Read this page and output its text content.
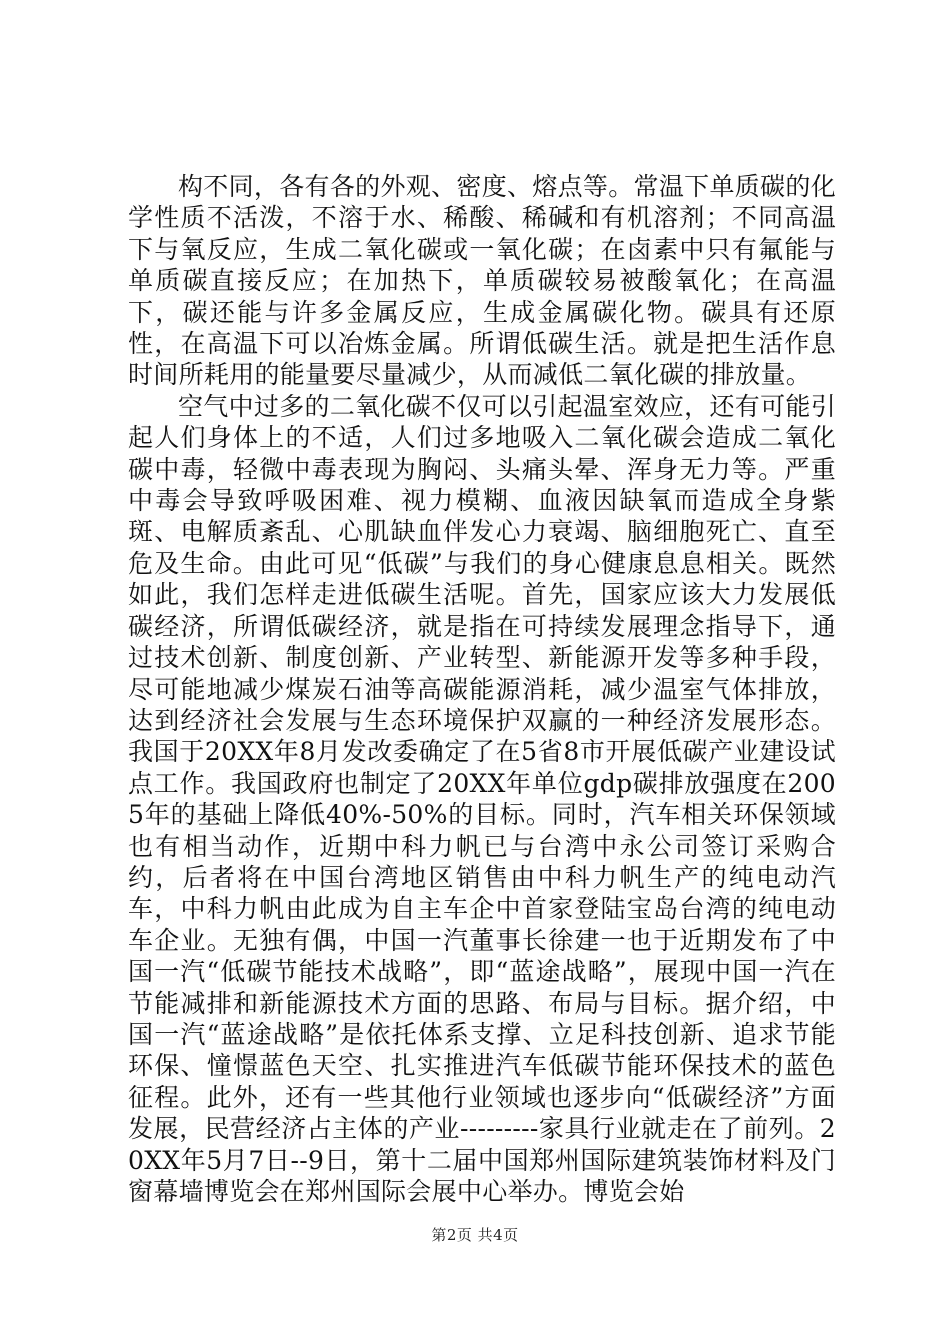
构不同，各有各的外观、密度、熔点等。常温下单质碳的化学性质不活泼，不溶于水、稀酸、稀碱和有机溶剂；不同高温下与氧反应，生成二氧化碳或一氧化碳；在卤素中只有氟能与单质碳直接反应；在加热下，单质碳较易被酸氧化；在高温下，碳还能与许多金属反应，生成金属碳化物。碳具有还原性，在高温下可以冶炼金属。所谓低碳生活。就是把生活作息时间所耗用的能量要尽量减少，从而减低二氧化碳的排放量。

空气中过多的二氧化碳不仅可以引起温室效应，还有可能引起人们身体上的不适，人们过多地吸入二氧化碳会造成二氧化碳中毒，轻微中毒表现为胸闷、头痛头晕、浑身无力等。严重中毒会导致呼吸困难、视力模糊、血液因缺氧而造成全身紫斑、电解质紊乱、心肌缺血伴发心力衰竭、脑细胞死亡、直至危及生命。由此可见“低碳”与我们的身心健康息息相关。既然如此，我们怎样走进低碳生活呢。首先，国家应该大力发展低碳经济，所谓低碳经济，就是指在可持续发展理念指导下，通过技术创新、制度创新、产业转型、新能源开发等多种手段，尽可能地减少煤炭石油等高碳能源消耗，减少温室气体排放，达到经济社会发展与生态环境保护双赢的一种经济发展形态。我国于20XX年8月发改委确定了在5省8市开展低碳产业建设试点工作。我国政府也制定了20XX年单位gdp碳排放强度在2005年的基础上降低40%-50%的目标。同时，汽车相关环保领域也有相当动作，近期中科力帆已与台湾中永公司签订采购合约，后者将在中国台湾地区销售由中科力帆生产的纯电动汽车，中科力帆由此成为自主车企中首家登陆宝岛台湾的纯电动车企业。无独有偶，中国一汽董事长徐建一也于近期发布了中国一汽“低碳节能技术战略”，即“蓝途战略”，展现中国一汽在节能减排和新能源技术方面的思路、布局与目标。据介绍，中国一汽“蓝途战略”是依托体系支撑、立足科技创新、追求节能环保、憧憬蓝色天空、扎实推进汽车低碳节能环保技术的蓝色征程。此外，还有一些其他行业领域也逐步向“低碳经济”方面发展，民营经济占主体的产业---------家具行业就走在了前列。20XX年5月7日--9日，第十二届中国郑州国际建筑装饰材料及门窗幕墙博览会在郑州国际会展中心举办。博览会始

第2页 共4页
